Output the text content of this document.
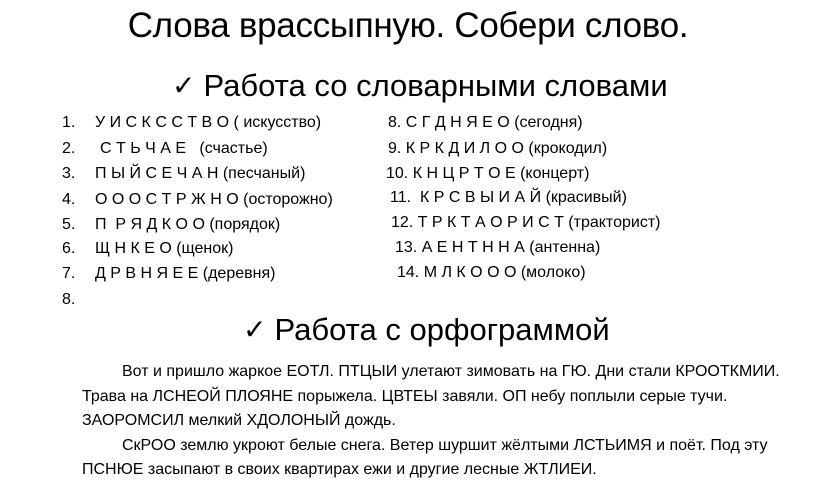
Слова врассыпную. Собери слово.
✓ Работа со словарными словами
1. У И С К С С Т В О ( искусство)
2. С Т Ь Ч А Е   (счастье)
3. П Ы Й С Е Ч А Н (песчаный)
4. О О О С Т Р Ж Н О (осторожно)
5. П  Р Я Д К О О (порядок)
6. Щ Н К Е О (щенок)
7. Д Р В Н Я Е Е (деревня)
8.
8. С Г Д Н Я Е О (сегодня)
9. К Р К Д И Л О О (крокодил)
10. К Н Ц Р Т О Е (концерт)
11.  К Р С В Ы И А Й (красивый)
12. Т Р К Т А О Р И С Т (тракторист)
13. А Е Н Т Н Н А (антенна)
14. М Л К О О О (молоко)
✓ Работа с орфограммой

Вот и пришло жаркое ЕОТЛ. ПТЦЫИ улетают зимовать на ГЮ. Дни стали КРООТКМИИ. Трава на ЛСНЕОЙ ПЛОЯНЕ порыжела. ЦВТЕЫ завяли. ОП небу поплыли серые тучи. ЗАОРОМСИЛ мелкий ХДОЛОНЫЙ дождь.

СкРОО землю укроют белые снега. Ветер шуршит жёлтыми ЛСТЬИМЯ и поёт. Под эту ПСНЮЕ засыпают в своих квартирах ежи и другие лесные ЖТЛИЕИ.
